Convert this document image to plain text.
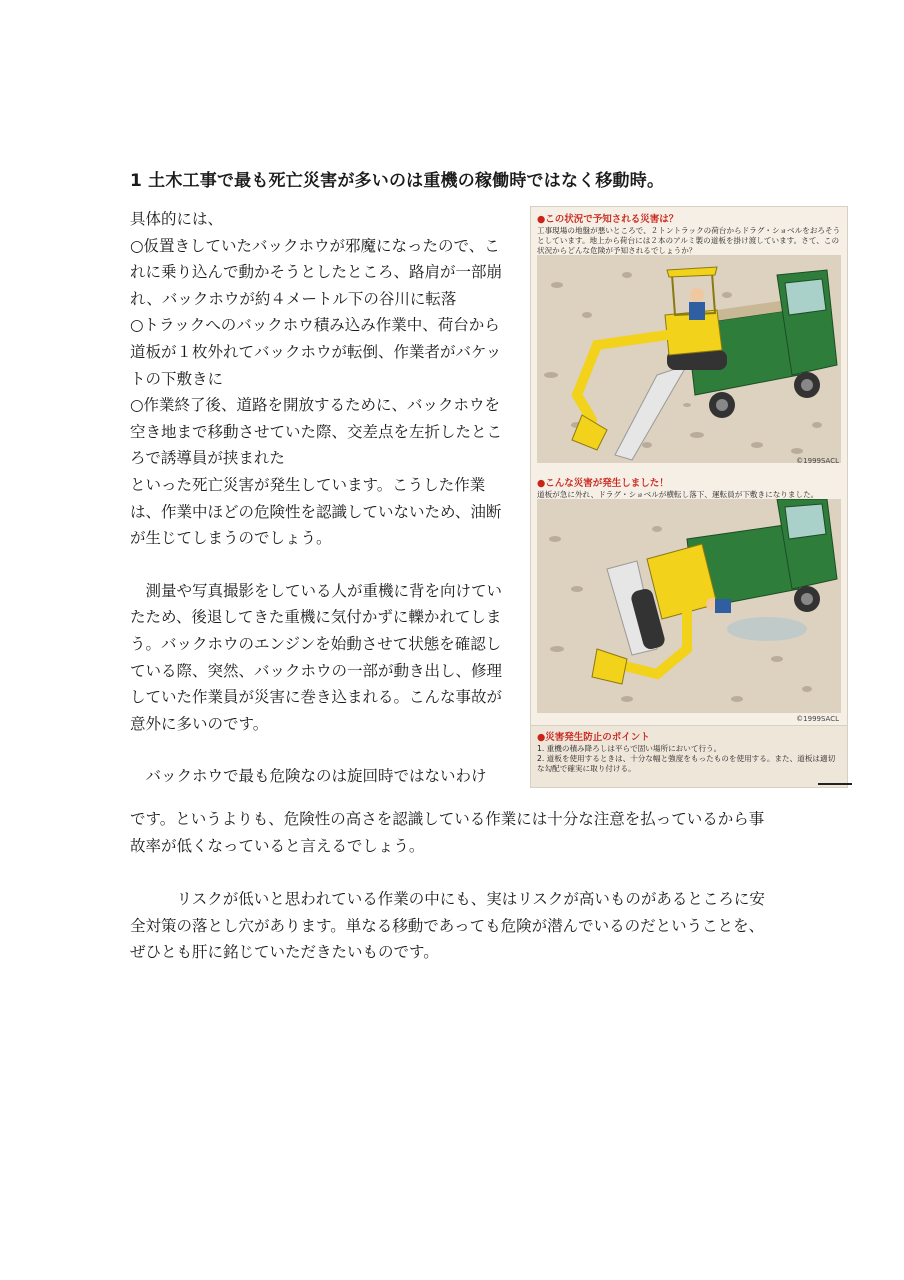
1 土木工事で最も死亡災害が多いのは重機の稼働時ではなく移動時。

具体的には、

○仮置きしていたバックホウが邪魔になったので、これに乗り込んで動かそうとしたところ、路肩が一部崩れ、バックホウが約４メートル下の谷川に転落

○トラックへのバックホウ積み込み作業中、荷台から道板が１枚外れてバックホウが転倒、作業者がバケットの下敷きに

○作業終了後、道路を開放するために、バックホウを空き地まで移動させていた際、交差点を左折したところで誘導員が挟まれた

といった死亡災害が発生しています。こうした作業は、作業中ほどの危険性を認識していないため、油断が生じてしまうのでしょう。

測量や写真撮影をしている人が重機に背を向けていたため、後退してきた重機に気付かずに轢かれてしまう。バックホウのエンジンを始動させて状態を確認している際、突然、バックホウの一部が動き出し、修理していた作業員が災害に巻き込まれる。こんな事故が意外に多いのです。

バックホウで最も危険なのは旋回時ではないわけ

です。というよりも、危険性の高さを認識している作業には十分な注意を払っているから事故率が低くなっていると言えるでしょう。

リスクが低いと思われている作業の中にも、実はリスクが高いものがあるところに安全対策の落とし穴があります。単なる移動であっても危険が潜んでいるのだということを、ぜひとも肝に銘じていただきたいものです。

●この状況で予知される災害は？
工事現場の地盤が悪いところで、２トントラックの荷台からドラグ・ショベルをおろそうとしています。地上から荷台には２本のアルミ製の道板を掛け渡しています。さて、この状況からどんな危険が予知されるでしょうか？
©1999SACL
●こんな災害が発生しました！
道板が急に外れ、ドラグ・ショベルが横転し落下、運転員が下敷きになりました。
©1999SACL
●災害発生防止のポイント
1. 重機の積み降ろしは平らで固い場所において行う。
2. 道板を使用するときは、十分な幅と強度をもったものを使用する。また、道板は適切な勾配で確実に取り付ける。
